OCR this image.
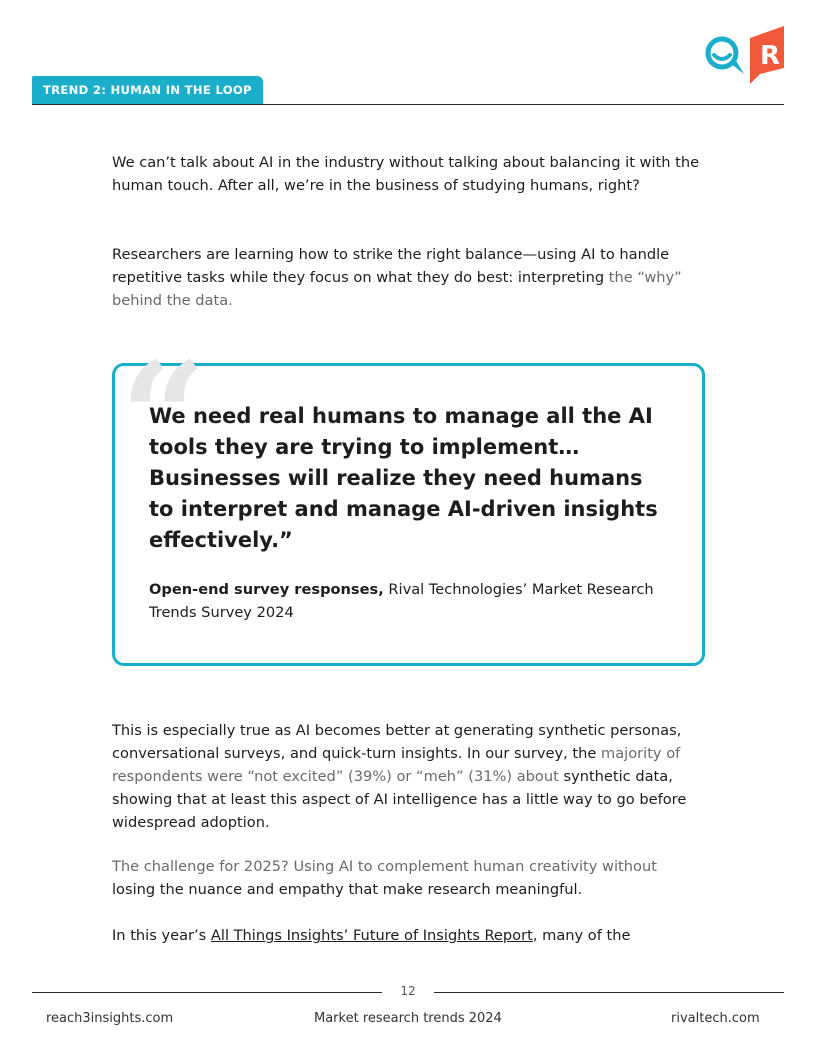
R
TREND 2: HUMAN IN THE LOOP

We can’t talk about AI in the industry without talking about balancing it with the human touch. After all, we’re in the business of studying humans, right?

Researchers are learning how to strike the right balance—using AI to handle repetitive tasks while they focus on what they do best: interpreting the “why” behind the data.

“

We need real humans to manage all the AI tools they are trying to implement… Businesses will realize they need humans to interpret and manage AI-driven insights effectively.”

Open-end survey responses, Rival Technologies’ Market Research Trends Survey 2024

This is especially true as AI becomes better at generating synthetic personas, conversational surveys, and quick-turn insights. In our survey, the majority of respondents were “not excited” (39%) or “meh” (31%) about synthetic data, showing that at least this aspect of AI intelligence has a little way to go before widespread adoption.

The challenge for 2025? Using AI to complement human creativity without losing the nuance and empathy that make research meaningful.

In this year’s All Things Insights’ Future of Insights Report, many of the

12
reach3insights.com	Market research trends 2024	rivaltech.com
